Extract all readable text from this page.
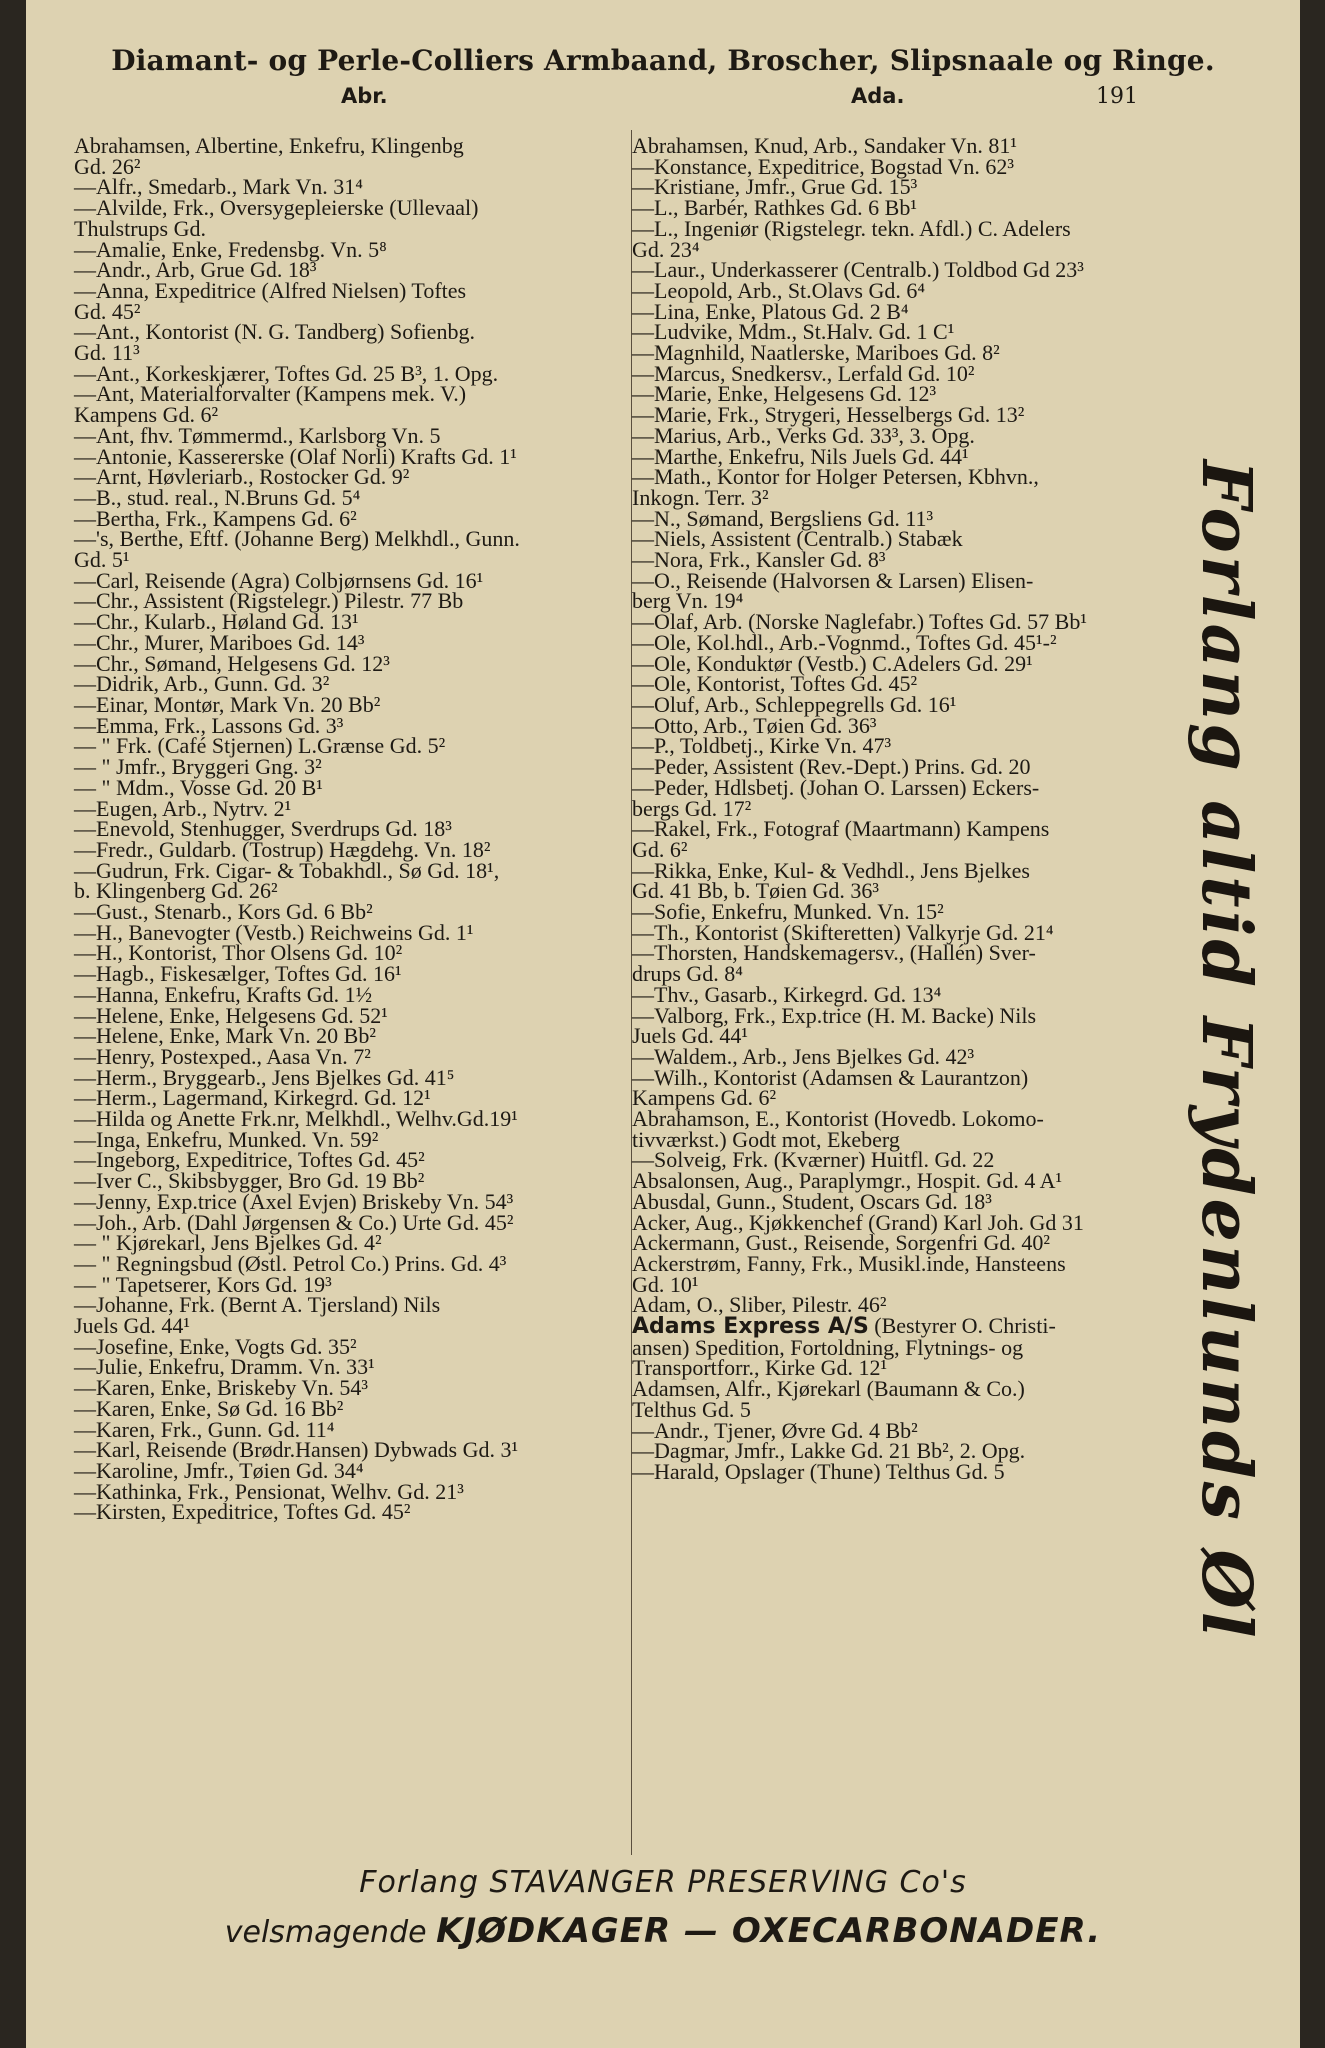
Diamant- og Perle-Colliers Armbaand, Broscher, Slipsnaale og Ringe.
Abr.	Ada.	191
Abrahamsen, Albertine, Enkefru, Klingenbg
Gd. 26²
—Alfr., Smedarb., Mark Vn. 31⁴
—Alvilde, Frk., Oversygepleierske (Ullevaal)
Thulstrups Gd.
—Amalie, Enke, Fredensbg. Vn. 5⁸
—Andr., Arb, Grue Gd. 18³
—Anna, Expeditrice (Alfred Nielsen) Toftes
Gd. 45²
—Ant., Kontorist (N. G. Tandberg) Sofienbg.
Gd. 11³
—Ant., Korkeskjærer, Toftes Gd. 25 B³, 1. Opg.
—Ant, Materialforvalter (Kampens mek. V.)
Kampens Gd. 6²
—Ant, fhv. Tømmermd., Karlsborg Vn. 5
—Antonie, Kassererske (Olaf Norli) Krafts Gd. 1¹
—Arnt, Høvleriarb., Rostocker Gd. 9²
—B., stud. real., N.Bruns Gd. 5⁴
—Bertha, Frk., Kampens Gd. 6²
—'s, Berthe, Eftf. (Johanne Berg) Melkhdl., Gunn.
Gd. 5¹
—Carl, Reisende (Agra) Colbjørnsens Gd. 16¹
—Chr., Assistent (Rigstelegr.) Pilestr. 77 Bb
—Chr., Kularb., Høland Gd. 13¹
—Chr., Murer, Mariboes Gd. 14³
—Chr., Sømand, Helgesens Gd. 12³
—Didrik, Arb., Gunn. Gd. 3²
—Einar, Montør, Mark Vn. 20 Bb²
—Emma, Frk., Lassons Gd. 3³
— " Frk. (Café Stjernen) L.Grænse Gd. 5²
— " Jmfr., Bryggeri Gng. 3²
— " Mdm., Vosse Gd. 20 B¹
—Eugen, Arb., Nytrv. 2¹
—Enevold, Stenhugger, Sverdrups Gd. 18³
—Fredr., Guldarb. (Tostrup) Hægdehg. Vn. 18²
—Gudrun, Frk. Cigar- & Tobakhdl., Sø Gd. 18¹,
b. Klingenberg Gd. 26²
—Gust., Stenarb., Kors Gd. 6 Bb²
—H., Banevogter (Vestb.) Reichweins Gd. 1¹
—H., Kontorist, Thor Olsens Gd. 10²
—Hagb., Fiskesælger, Toftes Gd. 16¹
—Hanna, Enkefru, Krafts Gd. 1½
—Helene, Enke, Helgesens Gd. 52¹
—Helene, Enke, Mark Vn. 20 Bb²
—Henry, Postexped., Aasa Vn. 7²
—Herm., Bryggearb., Jens Bjelkes Gd. 41⁵
—Herm., Lagermand, Kirkegrd. Gd. 12¹
—Hilda og Anette Frk.nr, Melkhdl., Welhv.Gd.19¹
—Inga, Enkefru, Munked. Vn. 59²
—Ingeborg, Expeditrice, Toftes Gd. 45²
—Iver C., Skibsbygger, Bro Gd. 19 Bb²
—Jenny, Exp.trice (Axel Evjen) Briskeby Vn. 54³
—Joh., Arb. (Dahl Jørgensen & Co.) Urte Gd. 45²
— " Kjørekarl, Jens Bjelkes Gd. 4²
— " Regningsbud (Østl. Petrol Co.) Prins. Gd. 4³
— " Tapetserer, Kors Gd. 19³
—Johanne, Frk. (Bernt A. Tjersland) Nils
Juels Gd. 44¹
—Josefine, Enke, Vogts Gd. 35²
—Julie, Enkefru, Dramm. Vn. 33¹
—Karen, Enke, Briskeby Vn. 54³
—Karen, Enke, Sø Gd. 16 Bb²
—Karen, Frk., Gunn. Gd. 11⁴
—Karl, Reisende (Brødr.Hansen) Dybwads Gd. 3¹
—Karoline, Jmfr., Tøien Gd. 34⁴
—Kathinka, Frk., Pensionat, Welhv. Gd. 21³
—Kirsten, Expeditrice, Toftes Gd. 45²
Abrahamsen, Knud, Arb., Sandaker Vn. 81¹
—Konstance, Expeditrice, Bogstad Vn. 62³
—Kristiane, Jmfr., Grue Gd. 15³
—L., Barbér, Rathkes Gd. 6 Bb¹
—L., Ingeniør (Rigstelegr. tekn. Afdl.) C. Adelers
Gd. 23⁴
—Laur., Underkasserer (Centralb.) Toldbod Gd 23³
—Leopold, Arb., St.Olavs Gd. 6⁴
—Lina, Enke, Platous Gd. 2 B⁴
—Ludvike, Mdm., St.Halv. Gd. 1 C¹
—Magnhild, Naatlerske, Mariboes Gd. 8²
—Marcus, Snedkersv., Lerfald Gd. 10²
—Marie, Enke, Helgesens Gd. 12³
—Marie, Frk., Strygeri, Hesselbergs Gd. 13²
—Marius, Arb., Verks Gd. 33³, 3. Opg.
—Marthe, Enkefru, Nils Juels Gd. 44¹
—Math., Kontor for Holger Petersen, Kbhvn.,
Inkogn. Terr. 3²
—N., Sømand, Bergsliens Gd. 11³
—Niels, Assistent (Centralb.) Stabæk
—Nora, Frk., Kansler Gd. 8³
—O., Reisende (Halvorsen & Larsen) Elisen-
berg Vn. 19⁴
—Olaf, Arb. (Norske Naglefabr.) Toftes Gd. 57 Bb¹
—Ole, Kol.hdl., Arb.-Vognmd., Toftes Gd. 45¹-²
—Ole, Konduktør (Vestb.) C.Adelers Gd. 29¹
—Ole, Kontorist, Toftes Gd. 45²
—Oluf, Arb., Schleppegrells Gd. 16¹
—Otto, Arb., Tøien Gd. 36³
—P., Toldbetj., Kirke Vn. 47³
—Peder, Assistent (Rev.-Dept.) Prins. Gd. 20
—Peder, Hdlsbetj. (Johan O. Larssen) Eckers-
bergs Gd. 17²
—Rakel, Frk., Fotograf (Maartmann) Kampens
Gd. 6²
—Rikka, Enke, Kul- & Vedhdl., Jens Bjelkes
Gd. 41 Bb, b. Tøien Gd. 36³
—Sofie, Enkefru, Munked. Vn. 15²
—Th., Kontorist (Skifteretten) Valkyrje Gd. 21⁴
—Thorsten, Handskemagersv., (Hallén) Sver-
drups Gd. 8⁴
—Thv., Gasarb., Kirkegrd. Gd. 13⁴
—Valborg, Frk., Exp.trice (H. M. Backe) Nils
Juels Gd. 44¹
—Waldem., Arb., Jens Bjelkes Gd. 42³
—Wilh., Kontorist (Adamsen & Laurantzon)
Kampens Gd. 6²
Abrahamson, E., Kontorist (Hovedb. Lokomo-
tivværkst.) Godt mot, Ekeberg
—Solveig, Frk. (Kværner) Huitfl. Gd. 22
Absalonsen, Aug., Paraplymgr., Hospit. Gd. 4 A¹
Abusdal, Gunn., Student, Oscars Gd. 18³
Acker, Aug., Kjøkkenchef (Grand) Karl Joh. Gd 31
Ackermann, Gust., Reisende, Sorgenfri Gd. 40²
Ackerstrøm, Fanny, Frk., Musikl.inde, Hansteens
Gd. 10¹
Adam, O., Sliber, Pilestr. 46²
Adams Express A/S (Bestyrer O. Christi-
ansen) Spedition, Fortoldning, Flytnings- og
Transportforr., Kirke Gd. 12¹
Adamsen, Alfr., Kjørekarl (Baumann & Co.)
Telthus Gd. 5
—Andr., Tjener, Øvre Gd. 4 Bb²
—Dagmar, Jmfr., Lakke Gd. 21 Bb², 2. Opg.
—Harald, Opslager (Thune) Telthus Gd. 5	Forlang altid Frydenlunds Øl
Forlang STAVANGER PRESERVING Co's
velsmagende KJØDKAGER — OXECARBONADER.
